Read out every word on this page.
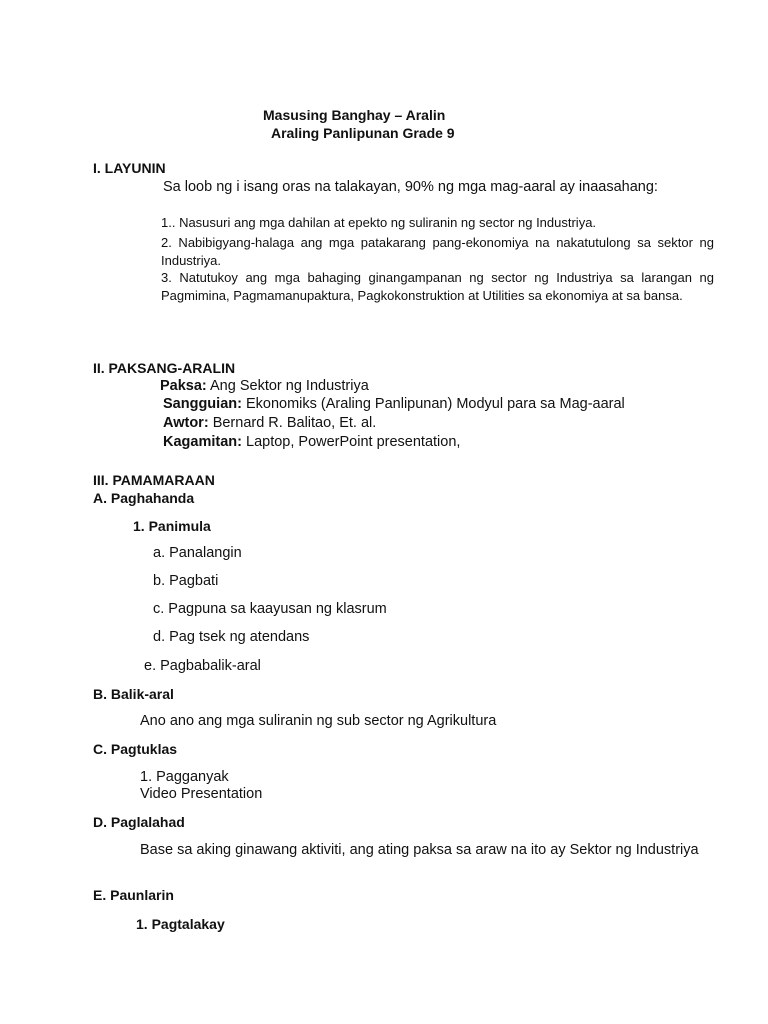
Masusing Banghay – Aralin
Araling Panlipunan Grade 9
I. LAYUNIN
Sa loob ng i isang oras na talakayan, 90% ng mga mag-aaral ay inaasahang:
1.. Nasusuri ang mga dahilan at epekto ng suliranin ng sector ng Industriya.
2. Nabibigyang-halaga ang mga patakarang pang-ekonomiya na nakatutulong sa sektor ng Industriya.
3. Natutukoy ang mga bahaging ginangampanan ng sector ng Industriya sa larangan ng Pagmimina, Pagmamanupaktura, Pagkokonstruktion at Utilities sa ekonomiya at sa bansa.
II. PAKSANG-ARALIN
Paksa: Ang Sektor ng Industriya
Sangguian: Ekonomiks (Araling Panlipunan) Modyul para sa Mag-aaral
Awtor: Bernard R. Balitao, Et. al.
Kagamitan: Laptop, PowerPoint presentation,
III. PAMAMARAAN
A. Paghahanda
1. Panimula
a. Panalangin
b. Pagbati
c. Pagpuna sa kaayusan ng klasrum
d. Pag tsek ng atendans
e. Pagbabalik-aral
B. Balik-aral
Ano ano ang mga suliranin ng sub sector ng Agrikultura
C. Pagtuklas
1. Pagganyak
Video Presentation
D. Paglalahad
Base sa aking ginawang aktiviti, ang ating paksa sa araw na ito ay Sektor ng Industriya
E. Paunlarin
1. Pagtalakay
